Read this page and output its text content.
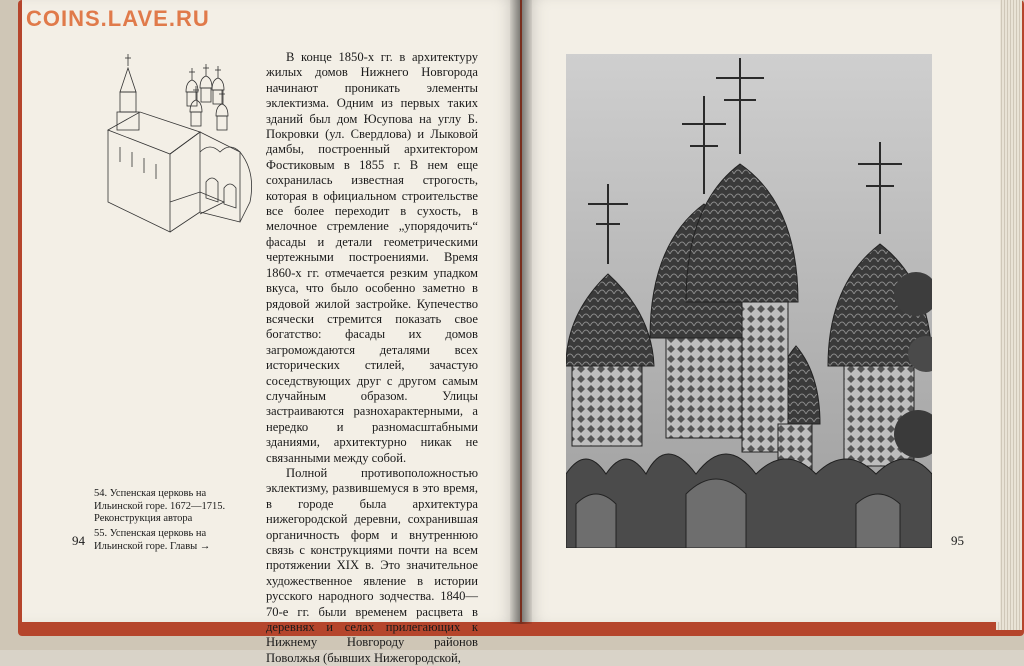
COINS.LAVE.RU

В конце 1850-х гг. в архитектуру жилых домов Нижнего Новгорода начинают проникать элементы эклектизма. Одним из первых таких зданий был дом Юсупова на углу Б. Покровки (ул. Свердлова) и Лыковой дамбы, построенный архитектором Фостиковым в 1855 г. В нем еще сохранилась известная строгость, которая в официальном строительстве все более переходит в сухость, в мелочное стремление „упорядочить“ фасады и детали геометрическими чертежными построениями. Время 1860-х гг. отмечается резким упадком вкуса, что было особенно заметно в рядовой жилой застройке. Купечество всячески стремится показать свое богатство: фасады их домов загромождаются деталями всех исторических стилей, зачастую соседствующих друг с другом самым случайным образом. Улицы застраиваются разнохарактерными, а нередко и разномасштабными зданиями, архитектурно никак не связанными между собой.

Полной противоположностью эклектизму, развившемуся в это время, в городе была архитектура нижегородской деревни, сохранившая органичность форм и внутреннюю связь с конструкциями почти на всем протяжении XIX в. Это значительное художественное явление в истории русского народного зодчества. 1840—70-е гг. были временем расцвета в деревнях и селах прилегающих к Нижнему Новгороду районов Поволжья (бывших Нижегородской,

54. Успенская церковь на Ильинской горе. 1672—1715. Реконструкция автора
55. Успенская церковь на Ильинской горе. Главы →
94	95
